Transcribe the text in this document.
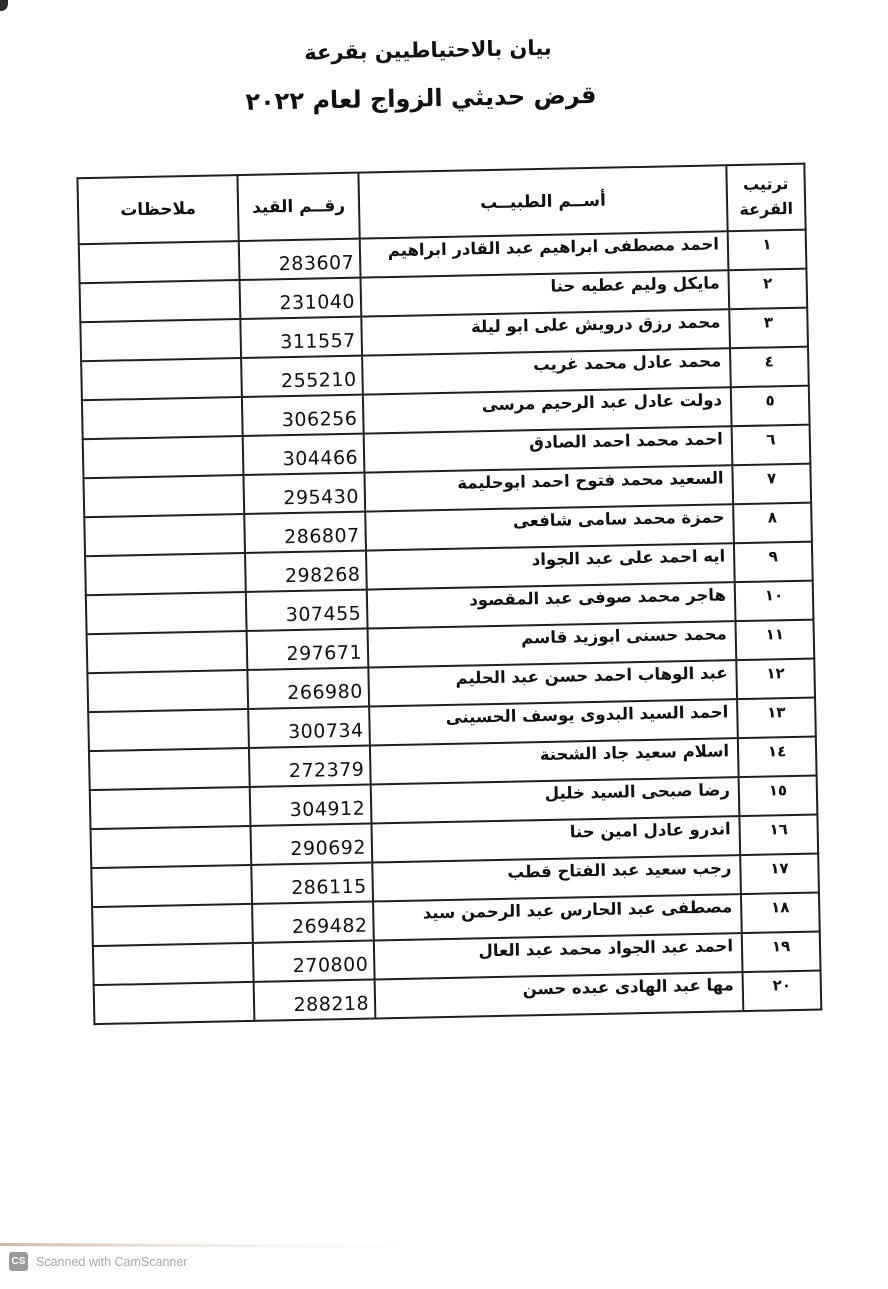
بيان بالاحتياطيين بقرعة
قرض حديثي الزواج لعام ٢٠٢٢
ترتيب
القرعة	أســم الطبيــب	رقــم القيد	ملاحظات
١	احمد مصطفى ابراهيم عبد القادر ابراهيم	283607	
٢	مايكل وليم عطيه حنا	231040	
٣	محمد رزق درويش على ابو ليلة	311557	
٤	محمد عادل محمد غريب	255210	
٥	دولت عادل عبد الرحيم مرسى	306256	
٦	احمد محمد احمد الصادق	304466	
٧	السعيد محمد فتوح احمد ابوحليمة	295430	
٨	حمزة محمد سامى شافعى	286807	
٩	ايه احمد على عبد الجواد	298268	
١٠	هاجر محمد صوفى عبد المقصود	307455	
١١	محمد حسنى ابوزيد قاسم	297671	
١٢	عبد الوهاب احمد حسن عبد الحليم	266980	
١٣	احمد السيد البدوى يوسف الحسينى	300734	
١٤	اسلام سعيد جاد الشحنة	272379	
١٥	رضا صبحى السيد خليل	304912	
١٦	اندرو عادل امين حنا	290692	
١٧	رجب سعيد عبد الفتاح قطب	286115	
١٨	مصطفى عبد الحارس عبد الرحمن سيد	269482	
١٩	احمد عبد الجواد محمد عبد العال	270800	
٢٠	مها عبد الهادى عبده حسن	288218	
CS Scanned with CamScanner
